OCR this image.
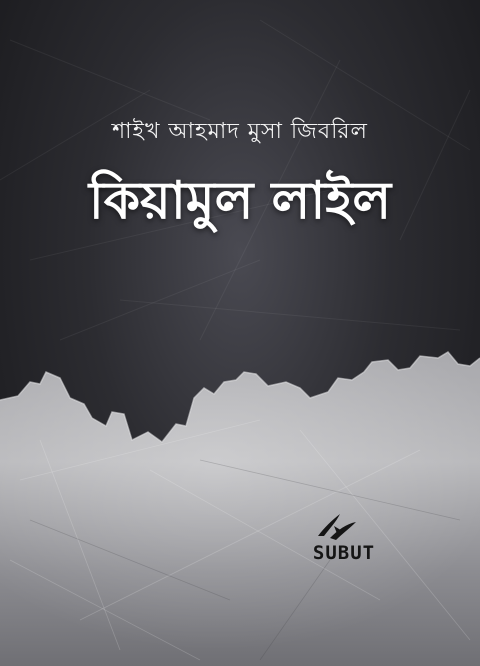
শাইখ আহমাদ মুসা জিবরিল
কিয়ামুল লাইল
SUBUT
